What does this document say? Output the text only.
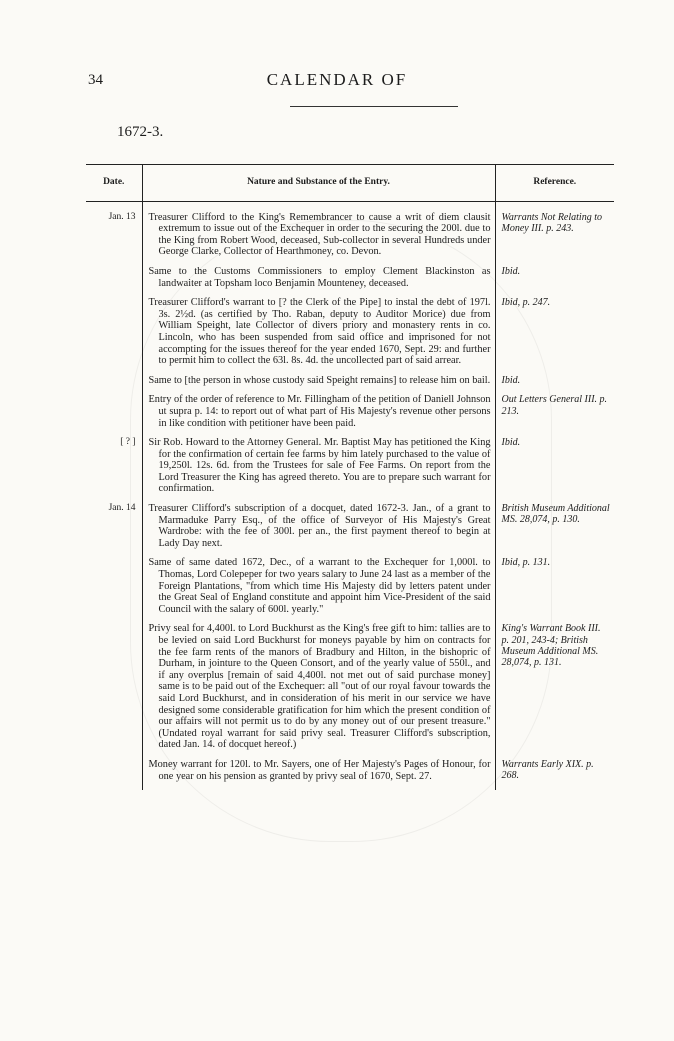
34	CALENDAR OF
1672-3.
Date.	Nature and Substance of the Entry.	Reference.
Jan. 13	Treasurer Clifford to the King's Remembrancer to cause a writ of diem clausit extremum to issue out of the Exchequer in order to the securing the 200l. due to the King from Robert Wood, deceased, Sub-collector in several Hundreds under George Clarke, Collector of Hearthmoney, co. Devon.	Warrants Not Relating to Money III. p. 243.

	Same to the Customs Commissioners to employ Clement Blackinston as landwaiter at Topsham loco Benjamin Mounteney, deceased.	Ibid.

	Treasurer Clifford's warrant to [? the Clerk of the Pipe] to instal the debt of 197l. 3s. 2½d. (as certified by Tho. Raban, deputy to Auditor Morice) due from William Speight, late Collector of divers priory and monastery rents in co. Lincoln, who has been suspended from said office and imprisoned for not accompting for the issues thereof for the year ended 1670, Sept. 29: and further to permit him to collect the 63l. 8s. 4d. the uncollected part of said arrear.	Ibid, p. 247.

	Same to [the person in whose custody said Speight remains] to release him on bail.	Ibid.

	Entry of the order of reference to Mr. Fillingham of the petition of Daniell Johnson ut supra p. 14: to report out of what part of His Majesty's revenue other persons in like condition with petitioner have been paid.	Out Letters General III. p. 213.
[ ? ]	Sir Rob. Howard to the Attorney General. Mr. Baptist May has petitioned the King for the confirmation of certain fee farms by him lately purchased to the value of 19,250l. 12s. 6d. from the Trustees for sale of Fee Farms. On report from the Lord Treasurer the King has agreed thereto. You are to prepare such warrant for confirmation.	Ibid.
Jan. 14	Treasurer Clifford's subscription of a docquet, dated 1672-3. Jan., of a grant to Marmaduke Parry Esq., of the office of Surveyor of His Majesty's Great Wardrobe: with the fee of 300l. per an., the first payment thereof to begin at Lady Day next.	British Museum Additional MS. 28,074, p. 130.

	Same of same dated 1672, Dec., of a warrant to the Exchequer for 1,000l. to Thomas, Lord Colepeper for two years salary to June 24 last as a member of the Foreign Plantations, "from which time His Majesty did by letters patent under the Great Seal of England constitute and appoint him Vice-President of the said Council with the salary of 600l. yearly."	Ibid, p. 131.

	Privy seal for 4,400l. to Lord Buckhurst as the King's free gift to him: tallies are to be levied on said Lord Buckhurst for moneys payable by him on contracts for the fee farm rents of the manors of Bradbury and Hilton, in the bishopric of Durham, in jointure to the Queen Consort, and of the yearly value of 550l., and if any overplus [remain of said 4,400l. not met out of said purchase money] same is to be paid out of the Exchequer: all "out of our royal favour towards the said Lord Buckhurst, and in consideration of his merit in our service we have designed some considerable gratification for him which the present condition of our affairs will not permit us to do by any money out of our present treasure." (Undated royal warrant for said privy seal. Treasurer Clifford's subscription, dated Jan. 14. of docquet hereof.)	King's Warrant Book III. p. 201, 243-4; British Museum Additional MS. 28,074, p. 131.

	Money warrant for 120l. to Mr. Sayers, one of Her Majesty's Pages of Honour, for one year on his pension as granted by privy seal of 1670, Sept. 27.	Warrants Early XIX. p. 268.
